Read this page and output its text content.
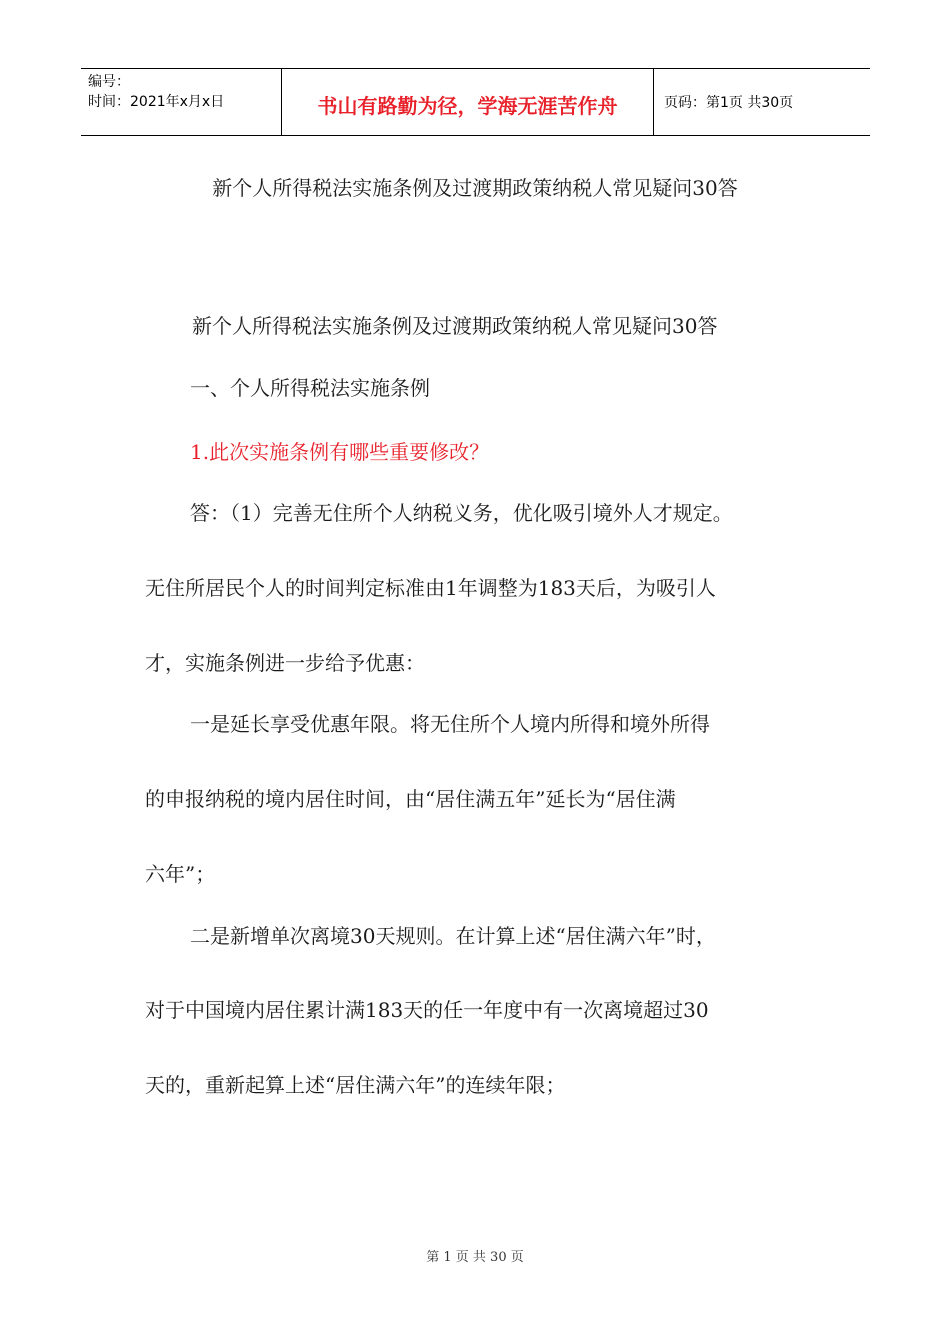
编号：
时间：2021年x月x日	书山有路勤为径，学海无涯苦作舟	页码：第1页 共30页
新个人所得税法实施条例及过渡期政策纳税人常见疑问30答
新个人所得税法实施条例及过渡期政策纳税人常见疑问30答
一、个人所得税法实施条例
1.此次实施条例有哪些重要修改？
答：（1）完善无住所个人纳税义务，优化吸引境外人才规定。
无住所居民个人的时间判定标准由1年调整为183天后，为吸引人
才，实施条例进一步给予优惠：
一是延长享受优惠年限。将无住所个人境内所得和境外所得
的申报纳税的境内居住时间，由“居住满五年”延长为“居住满
六年”；
二是新增单次离境30天规则。在计算上述“居住满六年”时，
对于中国境内居住累计满183天的任一年度中有一次离境超过30
天的，重新起算上述“居住满六年”的连续年限；
第 1 页 共 30 页
